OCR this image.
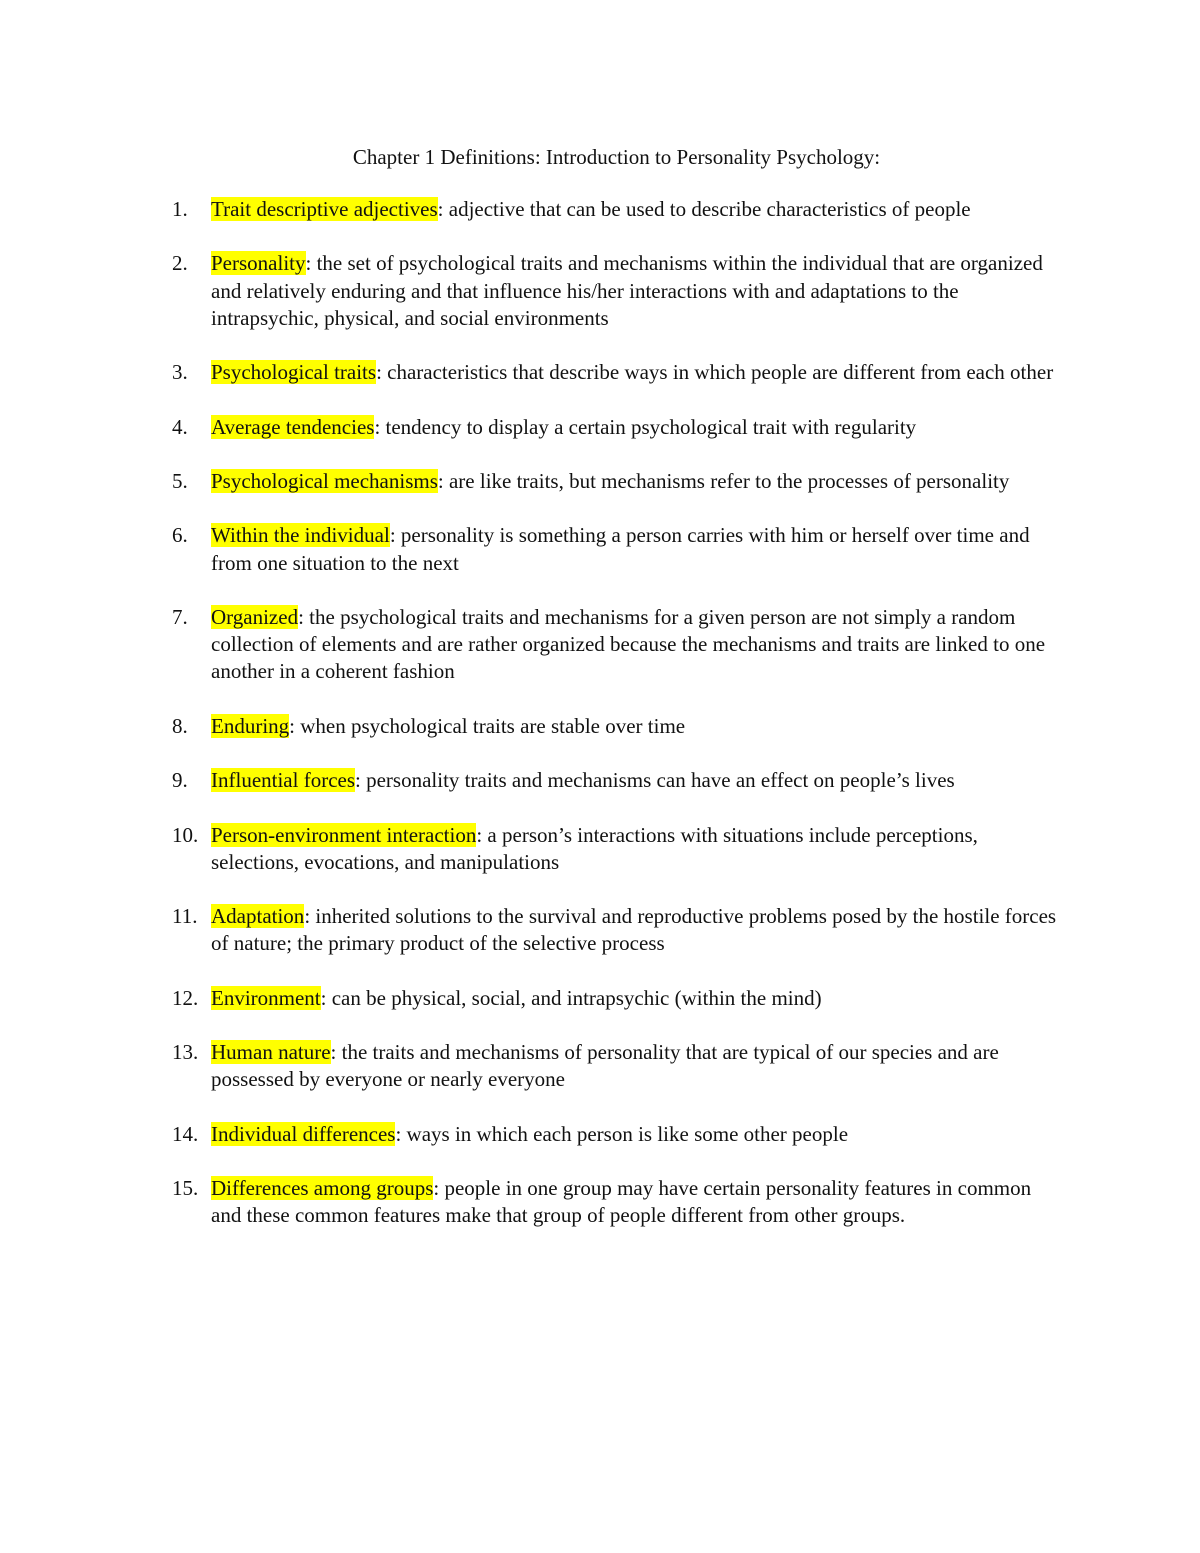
Chapter 1 Definitions: Introduction to Personality Psychology:
1.	Trait descriptive adjectives: adjective that can be used to describe characteristics of people
2.	Personality: the set of psychological traits and mechanisms within the individual that are organized and relatively enduring and that influence his/her interactions with and adaptations to the intrapsychic, physical, and social environments
3.	Psychological traits: characteristics that describe ways in which people are different from each other
4.	Average tendencies: tendency to display a certain psychological trait with regularity
5.	Psychological mechanisms: are like traits, but mechanisms refer to the processes of personality
6.	Within the individual: personality is something a person carries with him or herself over time and from one situation to the next
7.	Organized: the psychological traits and mechanisms for a given person are not simply a random collection of elements and are rather organized because the mechanisms and traits are linked to one another in a coherent fashion
8.	Enduring: when psychological traits are stable over time
9.	Influential forces: personality traits and mechanisms can have an effect on people’s lives
10. Person-environment interaction: a person’s interactions with situations include perceptions, selections, evocations, and manipulations
11. Adaptation: inherited solutions to the survival and reproductive problems posed by the hostile forces of nature; the primary product of the selective process
12. Environment: can be physical, social, and intrapsychic (within the mind)
13. Human nature: the traits and mechanisms of personality that are typical of our species and are possessed by everyone or nearly everyone
14. Individual differences: ways in which each person is like some other people
15. Differences among groups: people in one group may have certain personality features in common and these common features make that group of people different from other groups.
